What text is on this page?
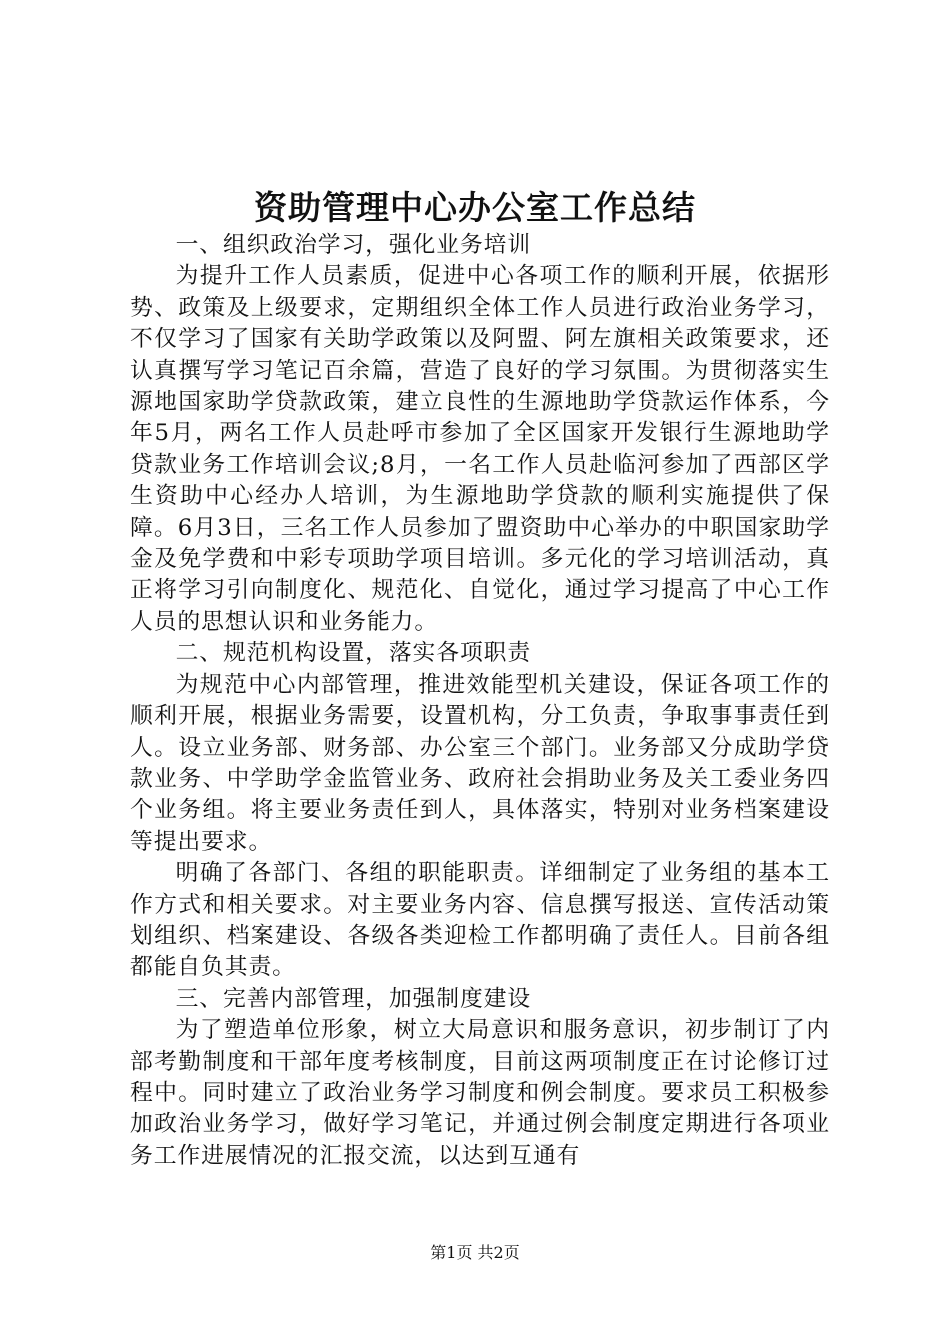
资助管理中心办公室工作总结

一、组织政治学习，强化业务培训

为提升工作人员素质，促进中心各项工作的顺利开展，依据形势、政策及上级要求，定期组织全体工作人员进行政治业务学习，不仅学习了国家有关助学政策以及阿盟、阿左旗相关政策要求，还认真撰写学习笔记百余篇，营造了良好的学习氛围。为贯彻落实生源地国家助学贷款政策，建立良性的生源地助学贷款运作体系，今年5月，两名工作人员赴呼市参加了全区国家开发银行生源地助学贷款业务工作培训会议;8月，一名工作人员赴临河参加了西部区学生资助中心经办人培训，为生源地助学贷款的顺利实施提供了保障。6月3日，三名工作人员参加了盟资助中心举办的中职国家助学金及免学费和中彩专项助学项目培训。多元化的学习培训活动，真正将学习引向制度化、规范化、自觉化，通过学习提高了中心工作人员的思想认识和业务能力。

二、规范机构设置，落实各项职责

为规范中心内部管理，推进效能型机关建设，保证各项工作的顺利开展，根据业务需要，设置机构，分工负责，争取事事责任到人。设立业务部、财务部、办公室三个部门。业务部又分成助学贷款业务、中学助学金监管业务、政府社会捐助业务及关工委业务四个业务组。将主要业务责任到人，具体落实，特别对业务档案建设等提出要求。

明确了各部门、各组的职能职责。详细制定了业务组的基本工作方式和相关要求。对主要业务内容、信息撰写报送、宣传活动策划组织、档案建设、各级各类迎检工作都明确了责任人。目前各组都能自负其责。

三、完善内部管理，加强制度建设

为了塑造单位形象，树立大局意识和服务意识，初步制订了内部考勤制度和干部年度考核制度，目前这两项制度正在讨论修订过程中。同时建立了政治业务学习制度和例会制度。要求员工积极参加政治业务学习，做好学习笔记，并通过例会制度定期进行各项业务工作进展情况的汇报交流，以达到互通有

第1页 共2页
